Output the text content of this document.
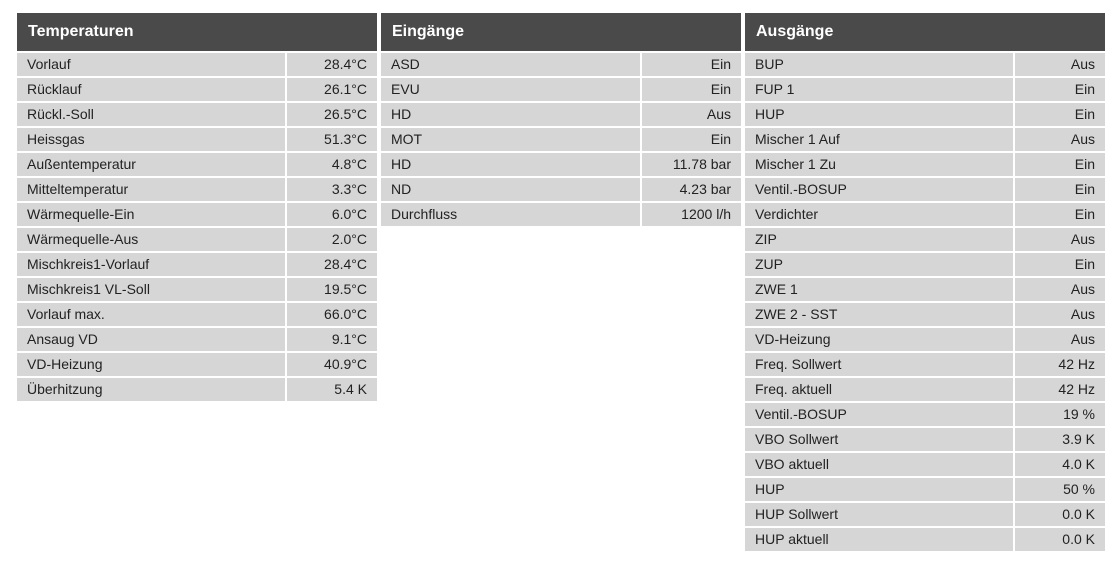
Temperaturen
Vorlauf	28.4°C
Rücklauf	26.1°C
Rückl.-Soll	26.5°C
Heissgas	51.3°C
Außentemperatur	4.8°C
Mitteltemperatur	3.3°C
Wärmequelle-Ein	6.0°C
Wärmequelle-Aus	2.0°C
Mischkreis1-Vorlauf	28.4°C
Mischkreis1 VL-Soll	19.5°C
Vorlauf max.	66.0°C
Ansaug VD	9.1°C
VD-Heizung	40.9°C
Überhitzung	5.4 K
Eingänge
ASD	Ein
EVU	Ein
HD	Aus
MOT	Ein
HD	11.78 bar
ND	4.23 bar
Durchfluss	1200 l/h
Ausgänge
BUP	Aus
FUP 1	Ein
HUP	Ein
Mischer 1 Auf	Aus
Mischer 1 Zu	Ein
Ventil.-BOSUP	Ein
Verdichter	Ein
ZIP	Aus
ZUP	Ein
ZWE 1	Aus
ZWE 2 - SST	Aus
VD-Heizung	Aus
Freq. Sollwert	42 Hz
Freq. aktuell	42 Hz
Ventil.-BOSUP	19 %
VBO Sollwert	3.9 K
VBO aktuell	4.0 K
HUP	50 %
HUP Sollwert	0.0 K
HUP aktuell	0.0 K
